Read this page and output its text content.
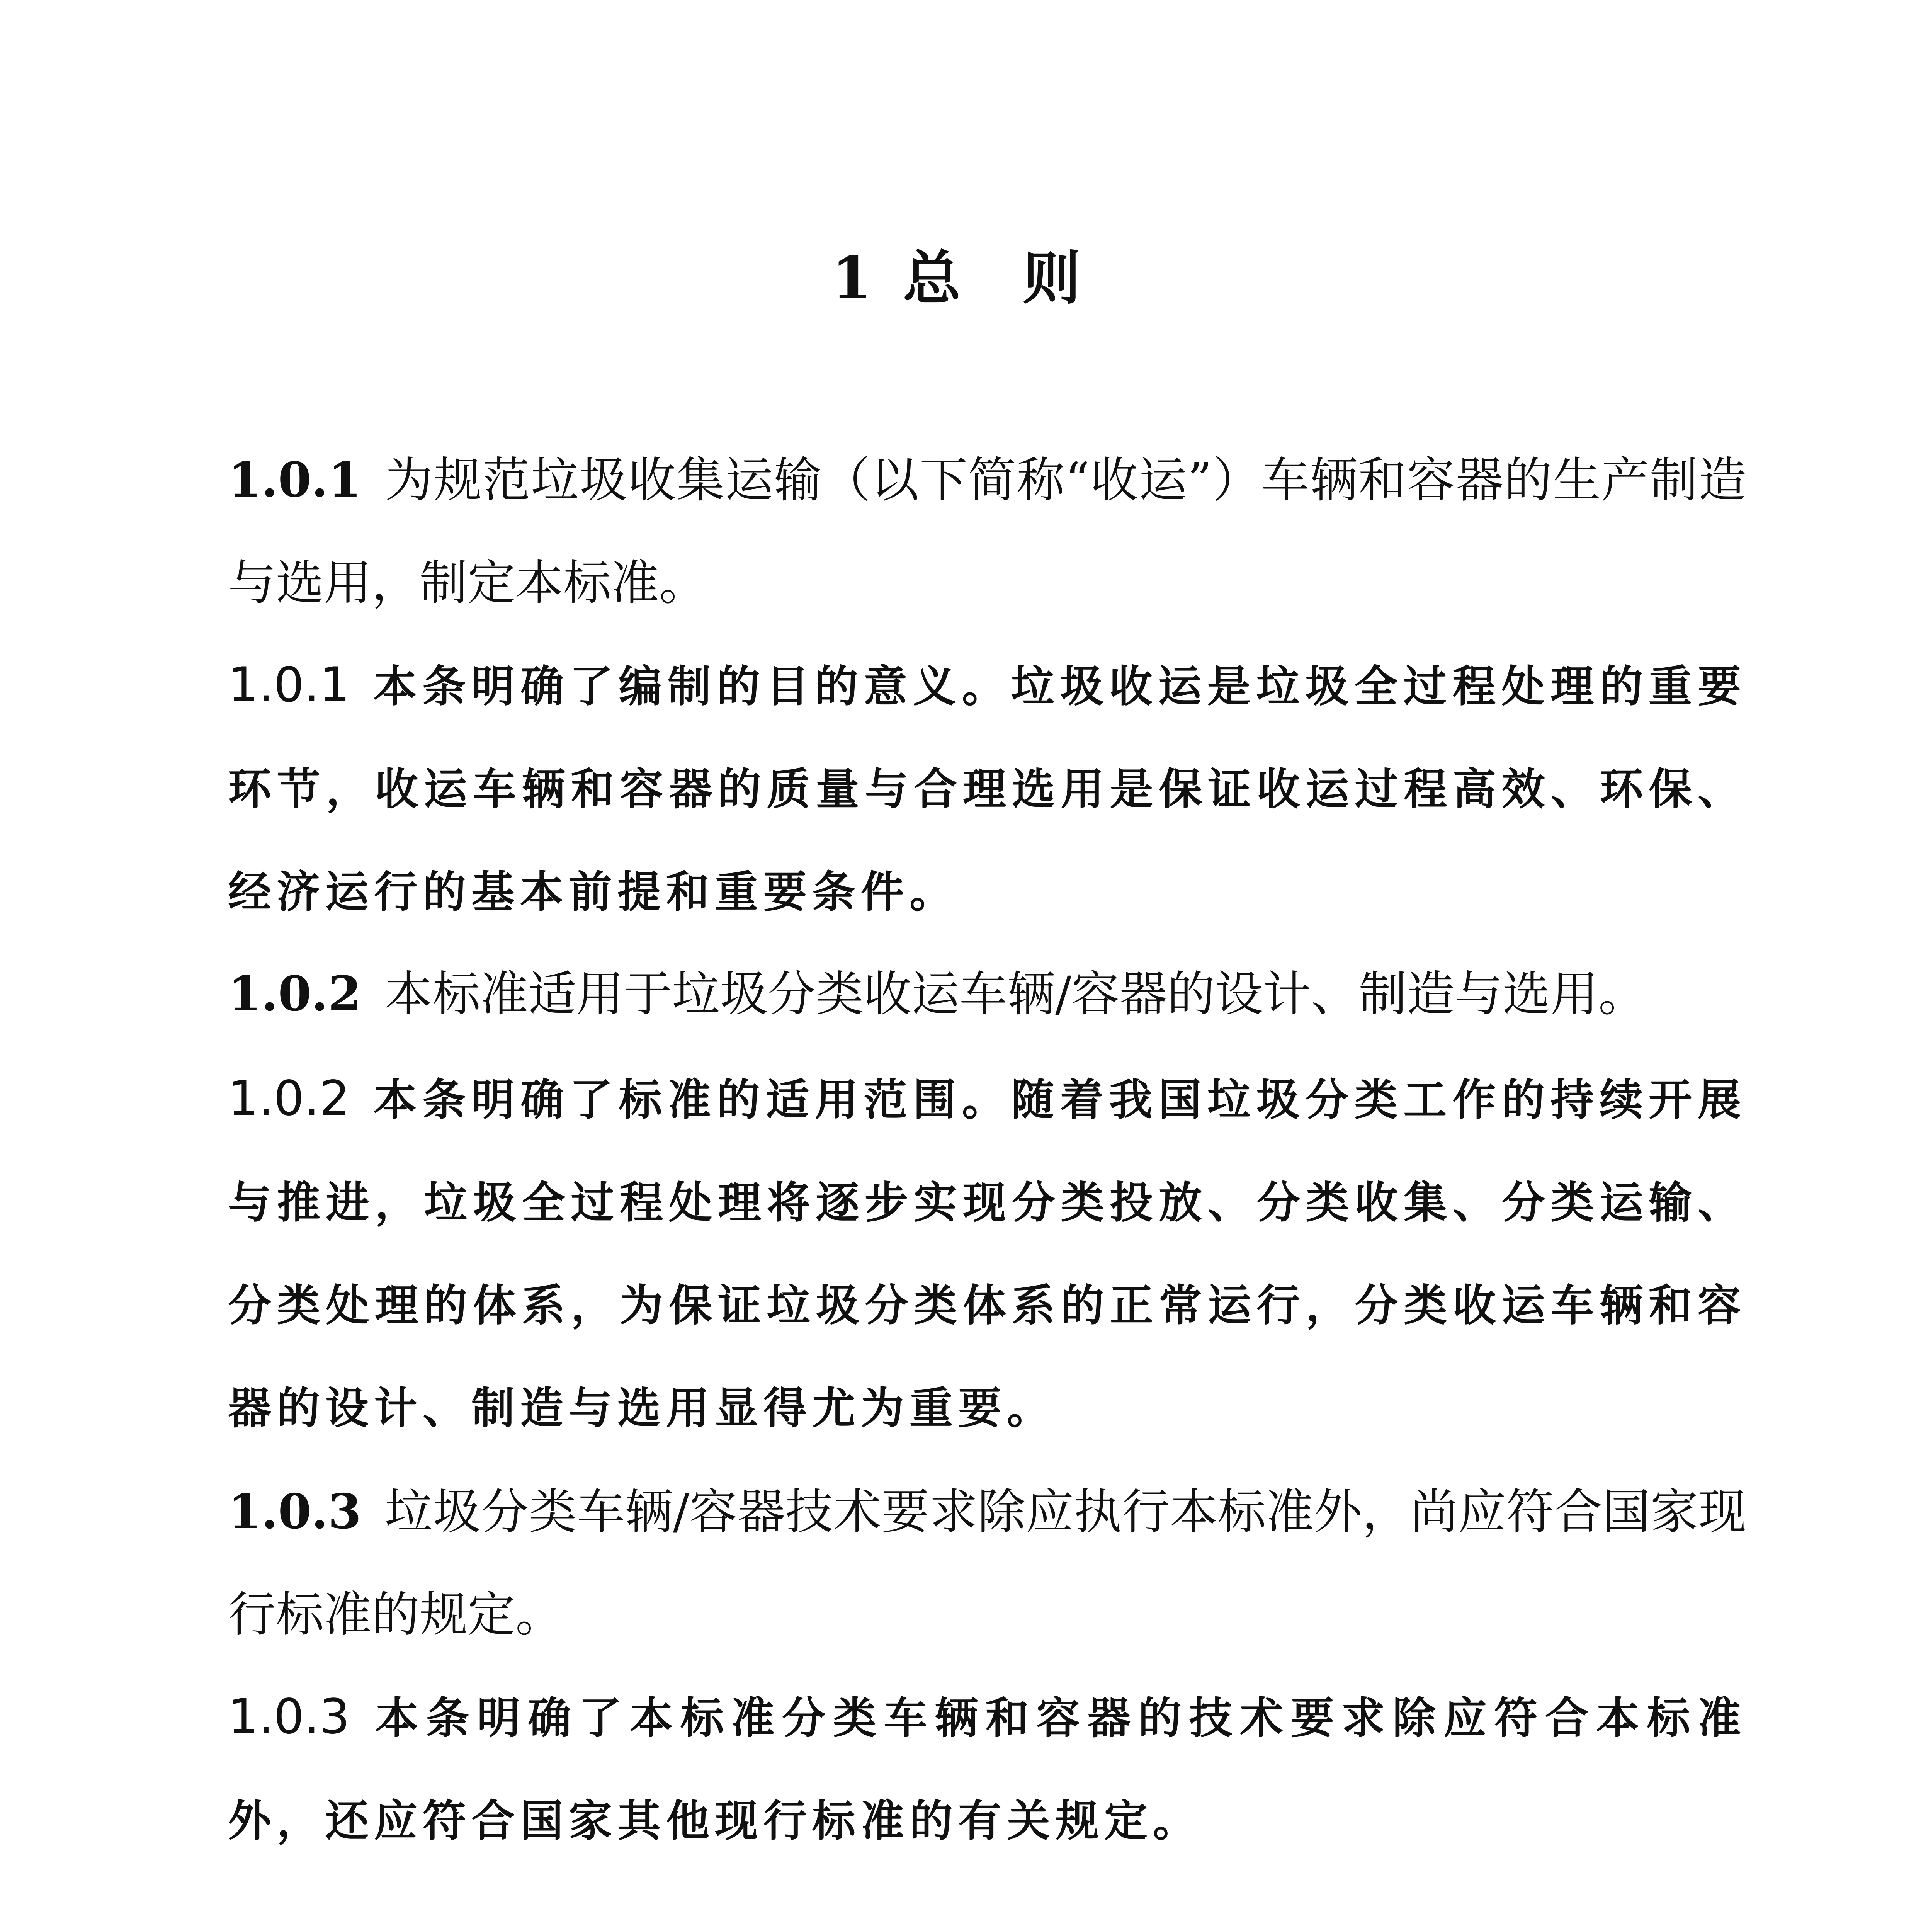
1 总 则

1.0.1 为规范垃圾收集运输（以下简称“收运”）车辆和容器的生产制造与选用，制定本标准。

1.0.1 本条明确了编制的目的意义。垃圾收运是垃圾全过程处理的重要环节，收运车辆和容器的质量与合理选用是保证收运过程高效、环保、经济运行的基本前提和重要条件。

1.0.2 本标准适用于垃圾分类收运车辆/容器的设计、制造与选用。

1.0.2 本条明确了标准的适用范围。随着我国垃圾分类工作的持续开展与推进，垃圾全过程处理将逐步实现分类投放、分类收集、分类运输、分类处理的体系，为保证垃圾分类体系的正常运行，分类收运车辆和容器的设计、制造与选用显得尤为重要。

1.0.3 垃圾分类车辆/容器技术要求除应执行本标准外，尚应符合国家现行标准的规定。

1.0.3 本条明确了本标准分类车辆和容器的技术要求除应符合本标准外，还应符合国家其他现行标准的有关规定。
